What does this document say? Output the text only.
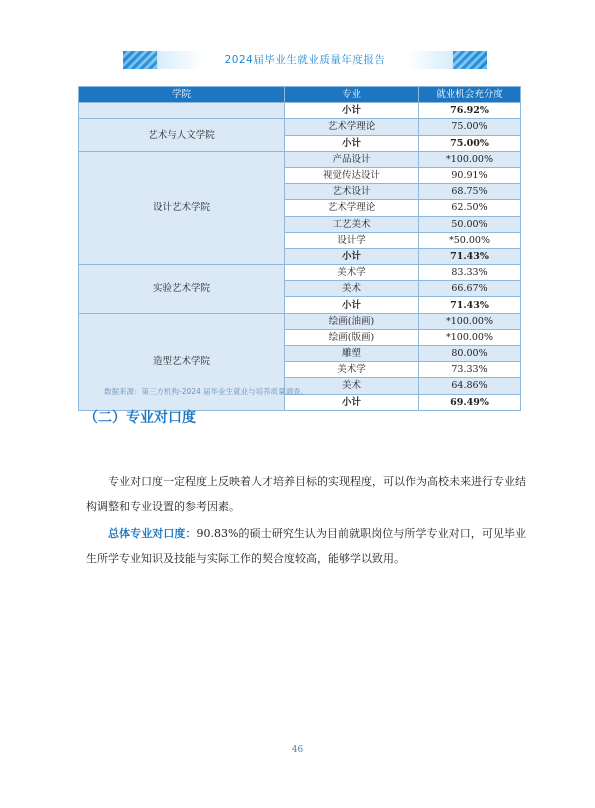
2024届毕业生就业质量年度报告
学院	专业	就业机会充分度
	小计	76.92%
艺术与人文学院	艺术学理论	75.00%
	小计	75.00%
设计艺术学院	产品设计	*100.00%
	视觉传达设计	90.91%
	艺术设计	68.75%
	艺术学理论	62.50%
	工艺美术	50.00%
	设计学	*50.00%
	小计	71.43%
实验艺术学院	美术学	83.33%
	美术	66.67%
	小计	71.43%
造型艺术学院	绘画(油画)	*100.00%
	绘画(版画)	*100.00%
	雕塑	80.00%
	美术学	73.33%
	美术	64.86%
	小计	69.49%
数据来源：第三方机构-2024 届毕业生就业与培养质量调查。
（二）专业对口度
专业对口度一定程度上反映着人才培养目标的实现程度，可以作为高校未来进行专业结构调整和专业设置的参考因素。
总体专业对口度：90.83%的硕士研究生认为目前就职岗位与所学专业对口，可见毕业生所学专业知识及技能与实际工作的契合度较高，能够学以致用。
46
